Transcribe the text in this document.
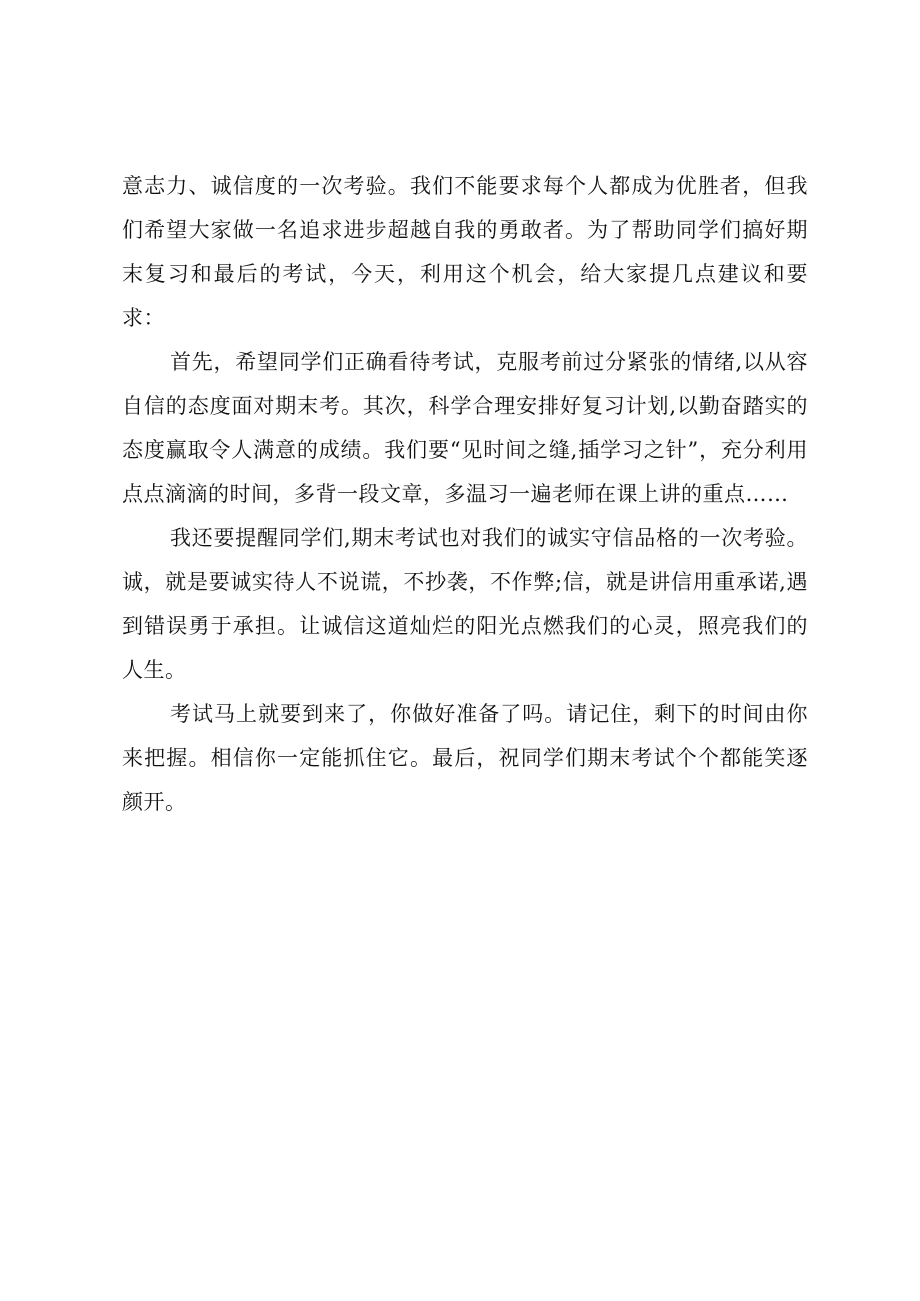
意志力、诚信度的一次考验。我们不能要求每个人都成为优胜者，但我们希望大家做一名追求进步超越自我的勇敢者。为了帮助同学们搞好期末复习和最后的考试，今天，利用这个机会，给大家提几点建议和要求：

首先，希望同学们正确看待考试，克服考前过分紧张的情绪,以从容自信的态度面对期末考。其次，科学合理安排好复习计划,以勤奋踏实的态度赢取令人满意的成绩。我们要“见时间之缝,插学习之针”，充分利用点点滴滴的时间，多背一段文章，多温习一遍老师在课上讲的重点……

我还要提醒同学们,期末考试也对我们的诚实守信品格的一次考验。诚，就是要诚实待人不说谎，不抄袭，不作弊;信，就是讲信用重承诺,遇到错误勇于承担。让诚信这道灿烂的阳光点燃我们的心灵，照亮我们的人生。

考试马上就要到来了，你做好准备了吗。请记住，剩下的时间由你来把握。相信你一定能抓住它。最后，祝同学们期末考试个个都能笑逐颜开。
